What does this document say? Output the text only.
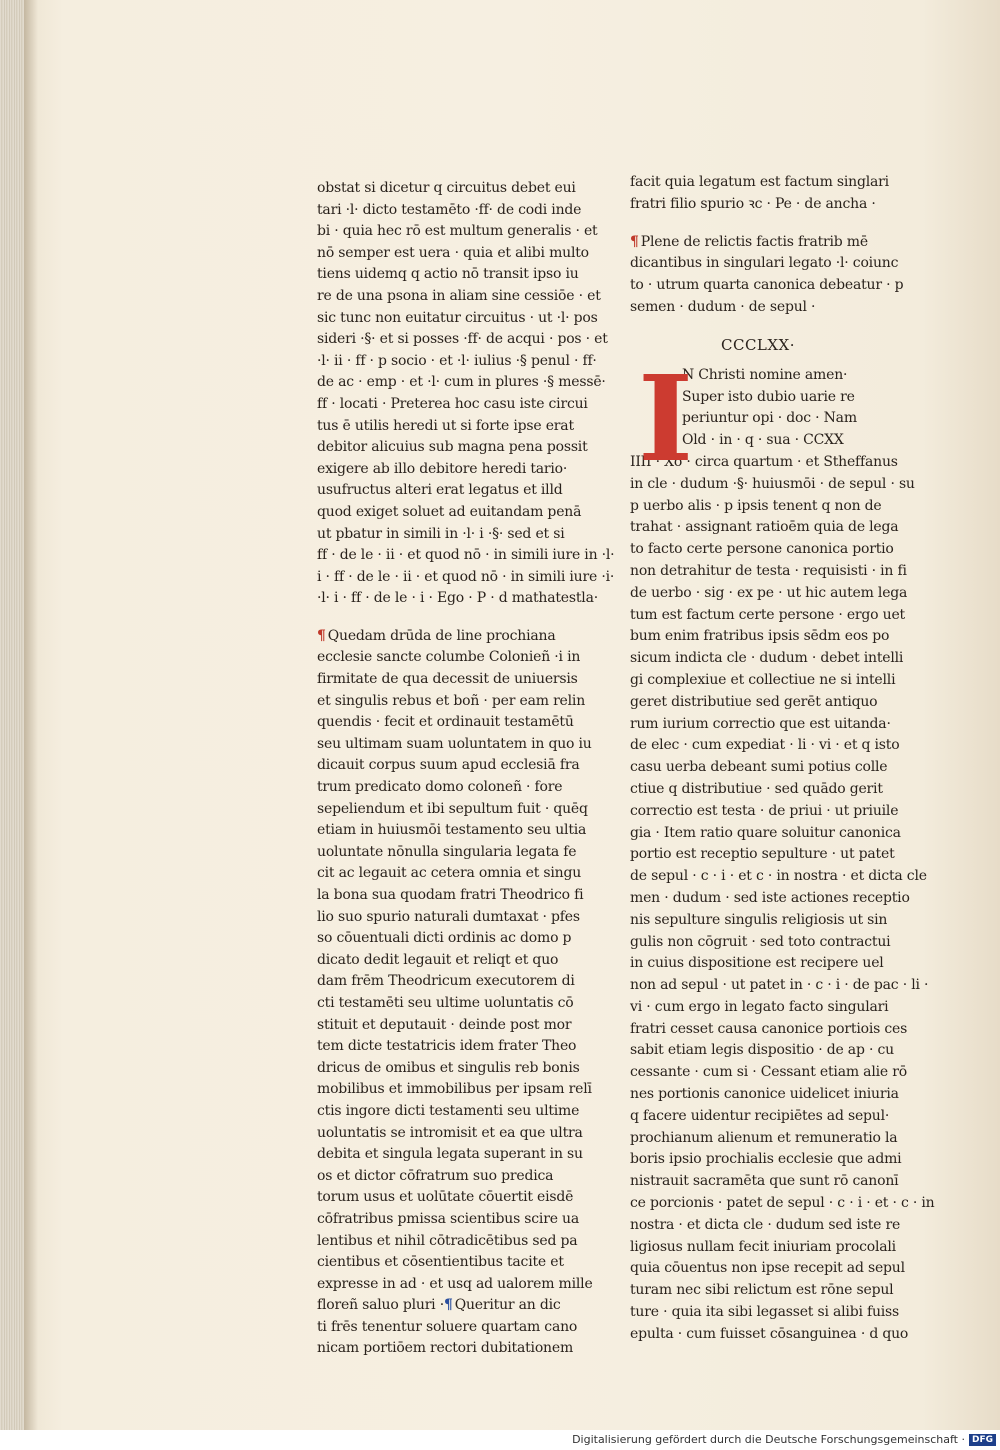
obstat si dicetur q circuitus debet eui
tari ·l· dicto testamēto ·ff· de codi inde
bi · quia hec rō est multum generalis · et
nō semper est uera · quia et alibi multo
tiens uidemq q actio nō transit ipso iu
re de una psona in aliam sine cessiōe · et
sic tunc non euitatur circuitus · ut ·l· pos
sideri ·§· et si posses ·ff· de acqui · pos · et
·l· ii · ff · p socio · et ·l· iulius ·§ penul · ff·
de ac · emp · et ·l· cum in plures ·§ messē·
ff · locati · Preterea hoc casu iste circui
tus ē utilis heredi ut si forte ipse erat
debitor alicuius sub magna pena possit
exigere ab illo debitore heredi tario·
usufructus alteri erat legatus et illd
quod exiget soluet ad euitandam penā
ut pbatur in simili in ·l· i ·§· sed et si
ff · de le · ii · et quod nō · in simili iure in ·l·
i · ff · de le · ii · et quod nō · in simili iure ·i·
·l· i · ff · de le · i · Ego · P · d mathatestla·
¶ Quedam drūda de line prochiana
ecclesie sancte columbe Colonieñ ·i in
firmitate de qua decessit de uniuersis
et singulis rebus et boñ · per eam relin
quendis · fecit et ordinauit testamētū
seu ultimam suam uoluntatem in quo iu
dicauit corpus suum apud ecclesiā fra
trum predicato domo coloneñ · fore
sepeliendum et ibi sepultum fuit · quēq
etiam in huiusmōi testamento seu ultia
uoluntate nōnulla singularia legata fe
cit ac legauit ac cetera omnia et singu
la bona sua quodam fratri Theodrico fi
lio suo spurio naturali dumtaxat · pfes
so cōuentuali dicti ordinis ac domo p
dicato dedit legauit et reliqt et quo
dam frēm Theodricum executorem di
cti testamēti seu ultime uoluntatis cō
stituit et deputauit · deinde post mor
tem dicte testatricis idem frater Theo
dricus de omibus et singulis reb bonis
mobilibus et immobilibus per ipsam relī
ctis ingore dicti testamenti seu ultime
uoluntatis se intromisit et ea que ultra
debita et singula legata superant in su
os et dictor cōfratrum suo predica
torum usus et uolūtate cōuertit eisdē
cōfratribus pmissa scientibus scire ua
lentibus et nihil cōtradicētibus sed pa
cientibus et cōsentientibus tacite et
expresse in ad · et usq ad ualorem mille
floreñ saluo pluri ·¶ Queritur an dic
ti frēs tenentur soluere quartam cano
nicam portiōem rectori dubitationem
facit quia legatum est factum singlari
fratri filio spurio ꝛc · Pe · de ancha ·
¶ Plene de relictis factis fratrib mē
dicantibus in singulari legato ·l· coiunc
to · utrum quarta canonica debeatur · p
semen · dudum · de sepul ·
CCCLXX·
I
N Christi nomine amen·
Super isto dubio uarie re
periuntur opi · doc · Nam
Old · in · q · sua · CCXX
IIII · Xo · circa quartum · et Stheffanus
in cle · dudum ·§· huiusmōi · de sepul · su
p uerbo alis · p ipsis tenent q non de
trahat · assignant ratioēm quia de lega
to facto certe persone canonica portio
non detrahitur de testa · requisisti · in fi
de uerbo · sig · ex pe · ut hic autem lega
tum est factum certe persone · ergo uet
bum enim fratribus ipsis sēdm eos po
sicum indicta cle · dudum · debet intelli
gi complexiue et collectiue ne si intelli
geret distributiue sed gerēt antiquo
rum iurium correctio que est uitanda·
de elec · cum expediat · li · vi · et q isto
casu uerba debeant sumi potius colle
ctiue q distributiue · sed quādo gerit
correctio est testa · de priui · ut priuile
gia · Item ratio quare soluitur canonica
portio est receptio sepulture · ut patet
de sepul · c · i · et c · in nostra · et dicta cle
men · dudum · sed iste actiones receptio
nis sepulture singulis religiosis ut sin
gulis non cōgruit · sed toto contractui
in cuius dispositione est recipere uel
non ad sepul · ut patet in · c · i · de pac · li ·
vi · cum ergo in legato facto singulari
fratri cesset causa canonice portiois ces
sabit etiam legis dispositio · de ap · cu
cessante · cum si · Cessant etiam alie rō
nes portionis canonice uidelicet iniuria
q facere uidentur recipiētes ad sepul·
prochianum alienum et remuneratio la
boris ipsio prochialis ecclesie que admi
nistrauit sacramēta que sunt rō canonī
ce porcionis · patet de sepul · c · i · et · c · in
nostra · et dicta cle · dudum sed iste re
ligiosus nullam fecit iniuriam procolali
quia cōuentus non ipse recepit ad sepul
turam nec sibi relictum est rōne sepul
ture · quia ita sibi legasset si alibi fuiss
epulta · cum fuisset cōsanguinea · d quo
Digitalisierung gefördert durch die Deutsche Forschungsgemeinschaft · DFG
